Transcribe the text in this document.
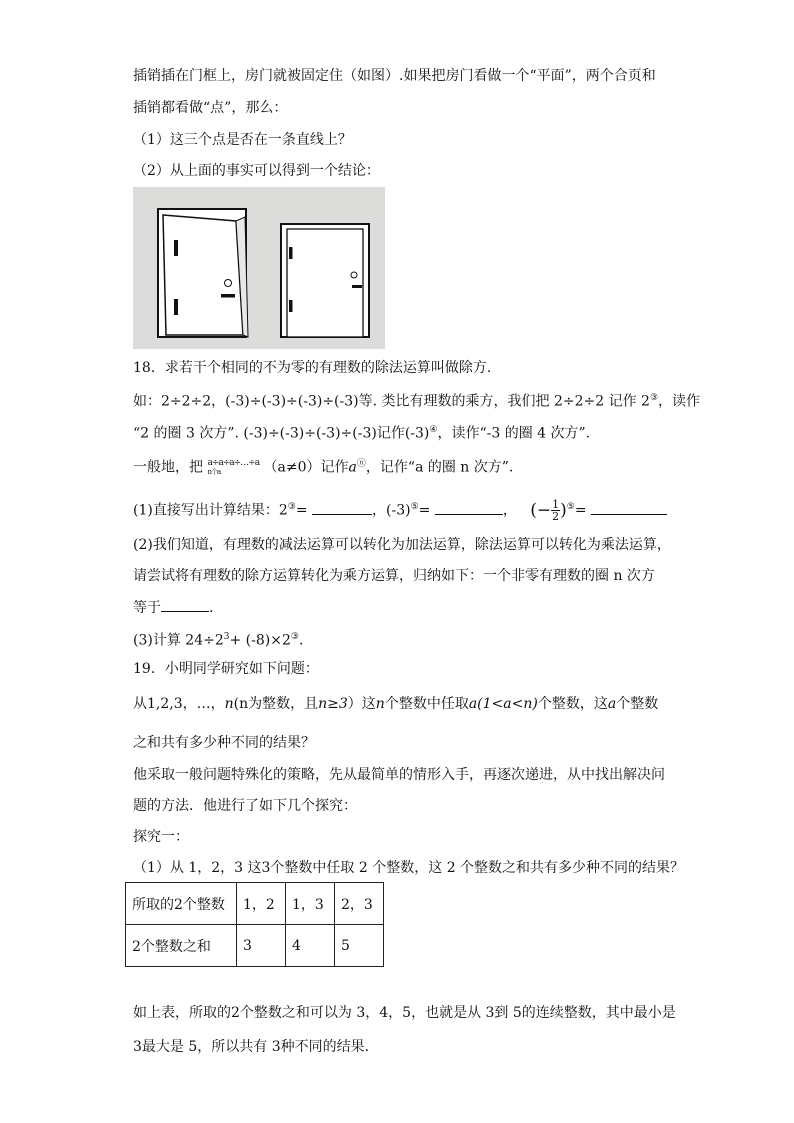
插销插在门框上，房门就被固定住（如图）.如果把房门看做一个“平面”，两个合页和
插销都看做“点”，那么：
（1）这三个点是否在一条直线上？
（2）从上面的事实可以得到一个结论：
18．求若干个相同的不为零的有理数的除法运算叫做除方.
如：2÷2÷2，(-3)÷(-3)÷(-3)÷(-3)等. 类比有理数的乘方，我们把 2÷2÷2 记作 2③，读作
“2 的圈 3 次方”. (-3)÷(-3)÷(-3)÷(-3)记作(-3)④，读作“-3 的圈 4 次方”.
一般地，把 a÷a÷a÷…÷a
n个a	（a≠0）记作aⓝ，记作“a 的圈 n 次方”.
(1)直接写出计算结果：2③=	，(-3)⑤=	， (− $\frac{1}{2} )^⑤=$
(2)我们知道，有理数的减法运算可以转化为加法运算，除法运算可以转化为乘法运算，
请尝试将有理数的除方运算转化为乘方运算，归纳如下：一个非零有理数的圈 n 次方
等于	.
(3)计算 $24\div 2^3+ (-8)\times 2^③$.
19．小明同学研究如下问题：
从1,2,3，…，n(n为整数，且n≥3）这n个整数中任取a(1<a<n)个整数，这a个整数
之和共有多少种不同的结果？
他采取一般问题特殊化的策略，先从最简单的情形入手，再逐次递进，从中找出解决问
题的方法．他进行了如下几个探究：
探究一：
（1）从 1，2，3 这3个整数中任取 2 个整数，这 2 个整数之和共有多少种不同的结果？
所取的2个整数	1，2	1，3	2，3
2个整数之和	3	4	5
如上表，所取的2个整数之和可以为 3，4，5，也就是从 3到 5的连续整数，其中最小是
3最大是 5，所以共有 3种不同的结果．
